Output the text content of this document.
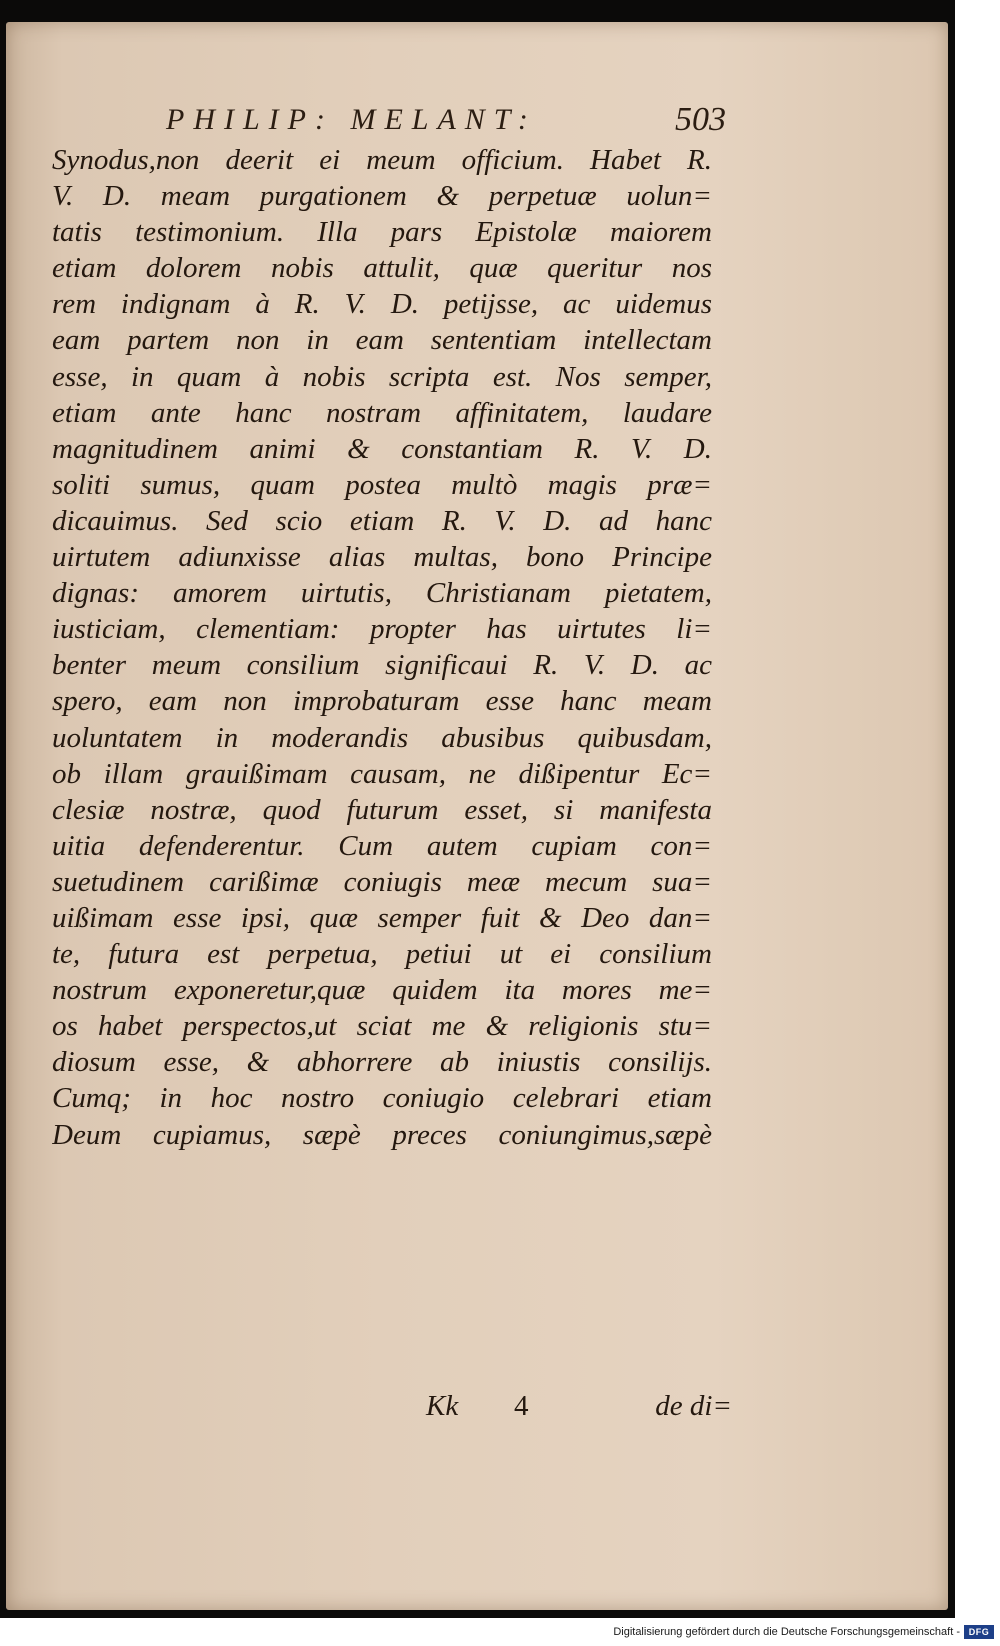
PHILIP: MELANT:	503
Synodus,non deerit ei meum officium. Habet R.
V. D. meam purgationem & perpetuæ uolun=
tatis testimonium. Illa pars Epistolæ maiorem
etiam dolorem nobis attulit, quæ queritur nos
rem indignam à R. V. D. petijsse, ac uidemus
eam partem non in eam sententiam intellectam
esse, in quam à nobis scripta est. Nos semper,
etiam ante hanc nostram affinitatem, laudare
magnitudinem animi & constantiam R. V. D.
soliti sumus, quam postea multò magis præ=
dicauimus. Sed scio etiam R. V. D. ad hanc
uirtutem adiunxisse alias multas, bono Principe
dignas: amorem uirtutis, Christianam pietatem,
iusticiam, clementiam: propter has uirtutes li=
benter meum consilium significaui R. V. D. ac
spero, eam non improbaturam esse hanc meam
uoluntatem in moderandis abusibus quibusdam,
ob illam grauißimam causam, ne dißipentur Ec=
clesiæ nostræ, quod futurum esset, si manifesta
uitia defenderentur. Cum autem cupiam con=
suetudinem carißimæ coniugis meæ mecum sua=
uißimam esse ipsi, quæ semper fuit & Deo dan=
te, futura est perpetua, petiui ut ei consilium
nostrum exponeretur,quæ quidem ita mores me=
os habet perspectos,ut sciat me & religionis stu=
diosum esse, & abhorrere ab iniustis consilijs.
Cumq; in hoc nostro coniugio celebrari etiam
Deum cupiamus, sæpè preces coniungimus,sæpè
Kk 4	de di=
Digitalisierung gefördert durch die Deutsche Forschungsgemeinschaft - DFG
